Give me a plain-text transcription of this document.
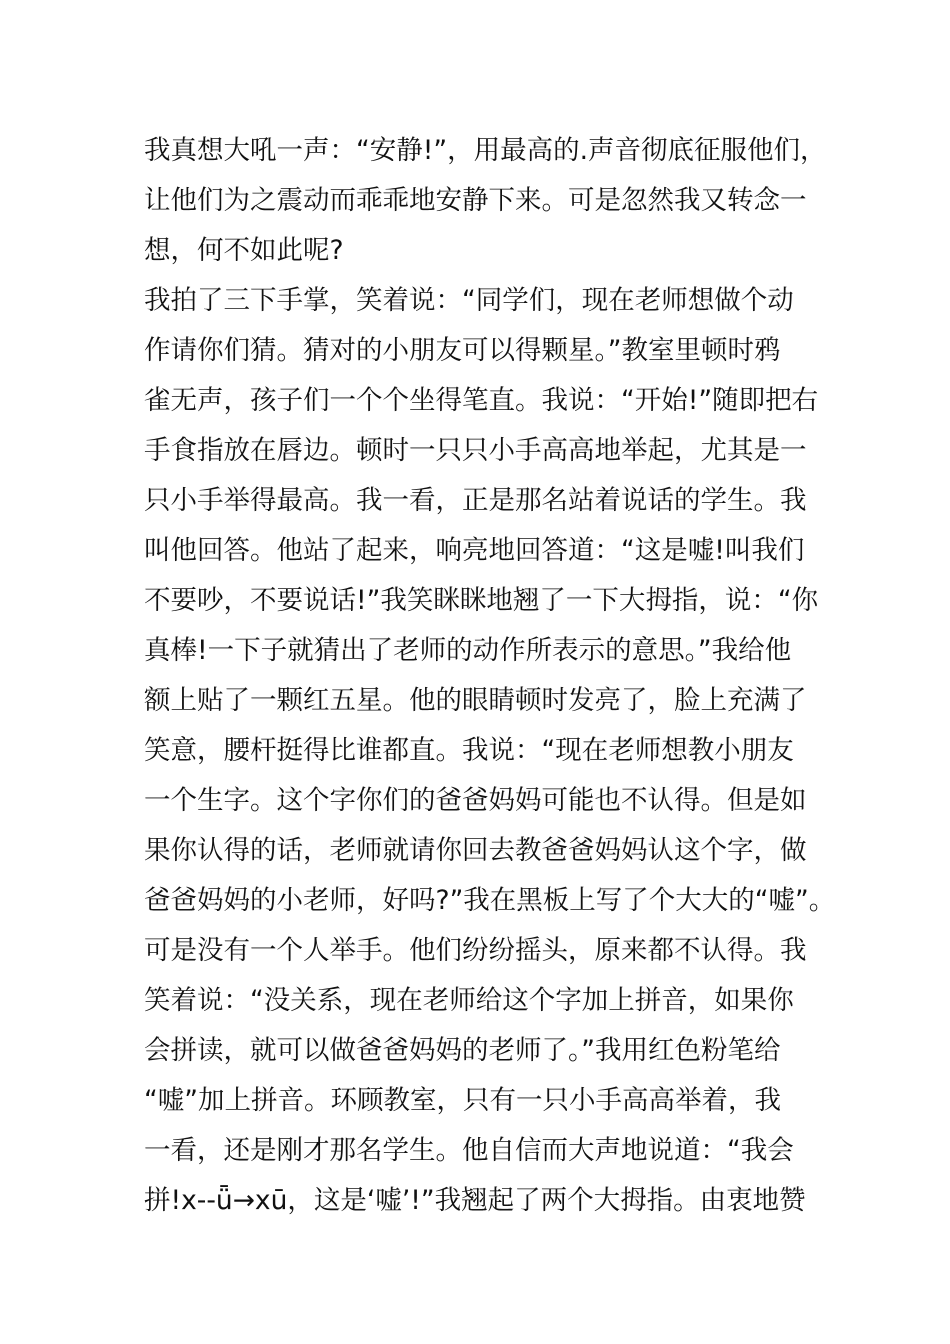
我真想大吼一声：“安静!”，用最高的.声音彻底征服他们，
让他们为之震动而乖乖地安静下来。可是忽然我又转念一
想，何不如此呢?
我拍了三下手掌，笑着说：“同学们，现在老师想做个动
作请你们猜。猜对的小朋友可以得颗星。”教室里顿时鸦
雀无声，孩子们一个个坐得笔直。我说：“开始!”随即把右
手食指放在唇边。顿时一只只小手高高地举起，尤其是一
只小手举得最高。我一看，正是那名站着说话的学生。我
叫他回答。他站了起来，响亮地回答道：“这是嘘!叫我们
不要吵，不要说话!”我笑眯眯地翘了一下大拇指，说：“你
真棒!一下子就猜出了老师的动作所表示的意思。”我给他
额上贴了一颗红五星。他的眼睛顿时发亮了，脸上充满了
笑意，腰杆挺得比谁都直。我说：“现在老师想教小朋友
一个生字。这个字你们的爸爸妈妈可能也不认得。但是如
果你认得的话，老师就请你回去教爸爸妈妈认这个字，做
爸爸妈妈的小老师，好吗?”我在黑板上写了个大大的“嘘”。
可是没有一个人举手。他们纷纷摇头，原来都不认得。我
笑着说：“没关系，现在老师给这个字加上拼音，如果你
会拼读，就可以做爸爸妈妈的老师了。”我用红色粉笔给
“嘘”加上拼音。环顾教室，只有一只小手高高举着，我
一看，还是刚才那名学生。他自信而大声地说道：“我会
拼!x--ǖ→xū，这是‘嘘’!”我翘起了两个大拇指。由衷地赞
